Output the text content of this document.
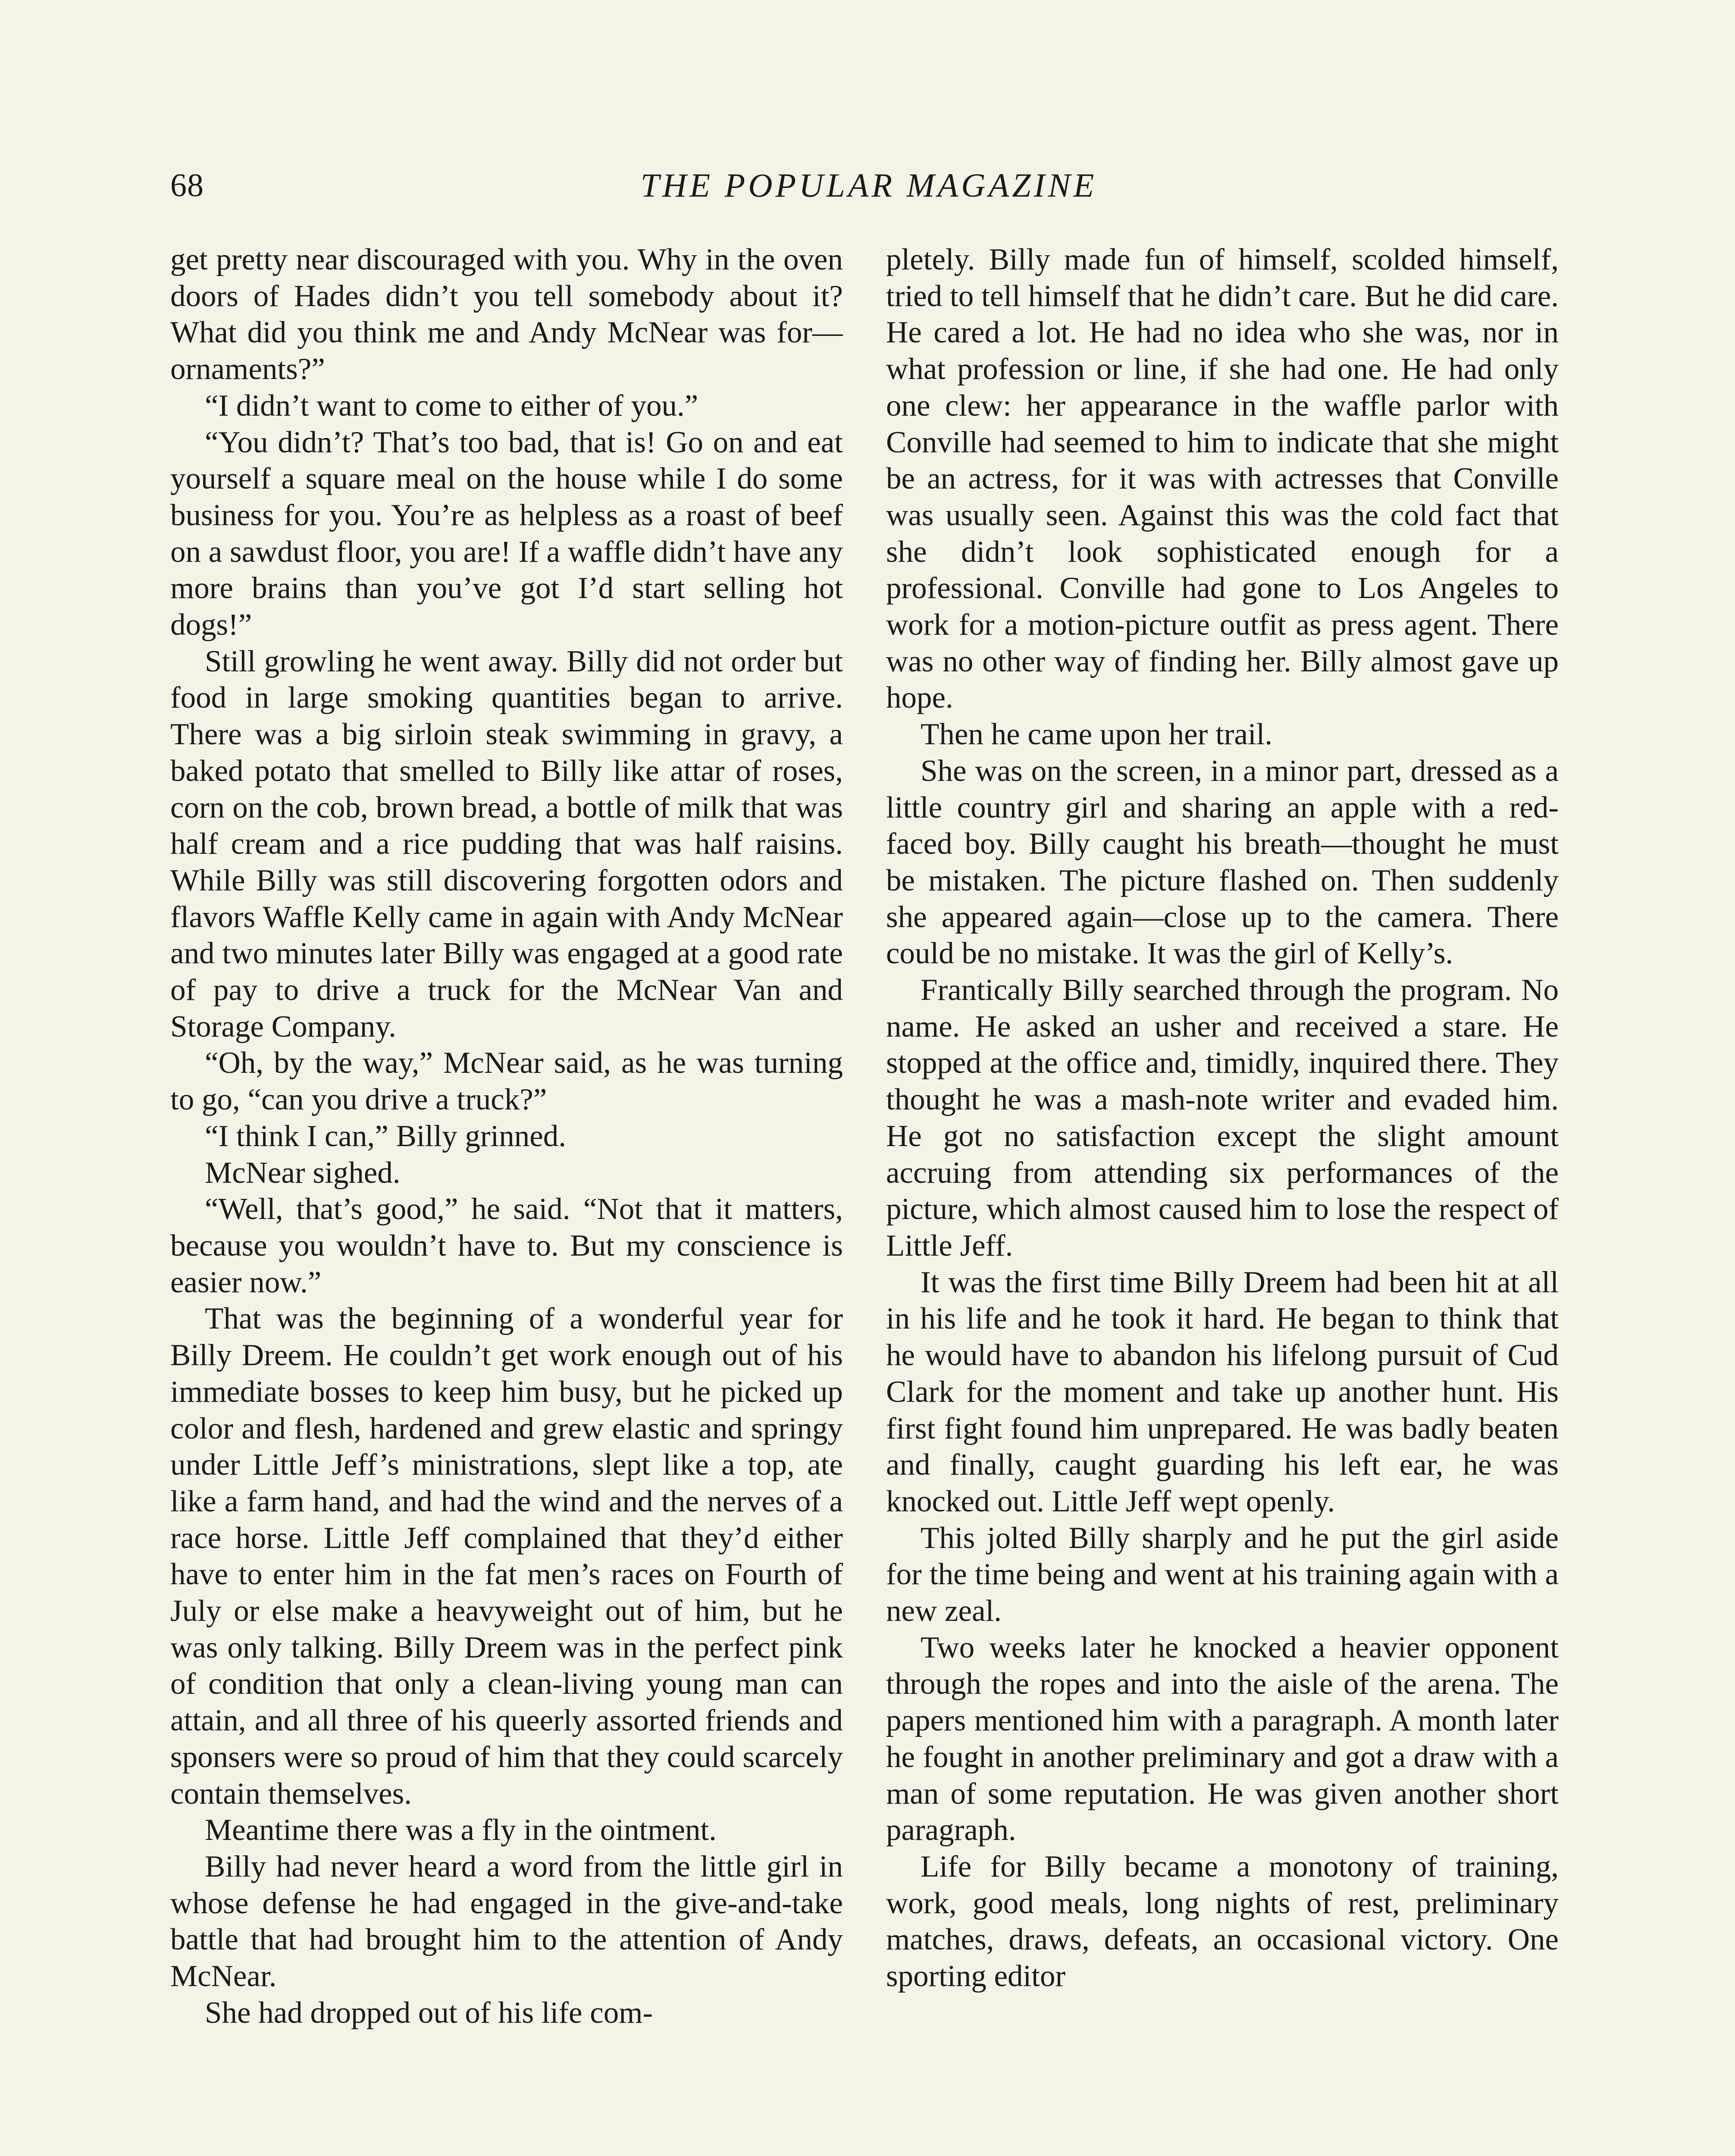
68	THE POPULAR MAGAZINE

get pretty near discouraged with you. Why in the oven doors of Hades didn’t you tell somebody about it? What did you think me and Andy McNear was for—ornaments?”

“I didn’t want to come to either of you.”

“You didn’t? That’s too bad, that is! Go on and eat yourself a square meal on the house while I do some business for you. You’re as helpless as a roast of beef on a sawdust floor, you are! If a waffle didn’t have any more brains than you’ve got I’d start selling hot dogs!”

Still growling he went away. Billy did not order but food in large smoking quantities began to arrive. There was a big sirloin steak swimming in gravy, a baked potato that smelled to Billy like attar of roses, corn on the cob, brown bread, a bottle of milk that was half cream and a rice pudding that was half raisins. While Billy was still discovering forgotten odors and flavors Waffle Kelly came in again with Andy McNear and two minutes later Billy was engaged at a good rate of pay to drive a truck for the McNear Van and Storage Company.

“Oh, by the way,” McNear said, as he was turning to go, “can you drive a truck?”

“I think I can,” Billy grinned.

McNear sighed.

“Well, that’s good,” he said. “Not that it matters, because you wouldn’t have to. But my conscience is easier now.”

That was the beginning of a wonderful year for Billy Dreem. He couldn’t get work enough out of his immediate bosses to keep him busy, but he picked up color and flesh, hardened and grew elastic and springy under Little Jeff’s ministrations, slept like a top, ate like a farm hand, and had the wind and the nerves of a race horse. Little Jeff complained that they’d either have to enter him in the fat men’s races on Fourth of July or else make a heavyweight out of him, but he was only talking. Billy Dreem was in the perfect pink of condition that only a clean-living young man can attain, and all three of his queerly assorted friends and sponsers were so proud of him that they could scarcely contain themselves.

Meantime there was a fly in the ointment.

Billy had never heard a word from the little girl in whose defense he had engaged in the give-and-take battle that had brought him to the attention of Andy McNear.

She had dropped out of his life com-

pletely. Billy made fun of himself, scolded himself, tried to tell himself that he didn’t care. But he did care. He cared a lot. He had no idea who she was, nor in what profession or line, if she had one. He had only one clew: her appearance in the waffle parlor with Conville had seemed to him to indicate that she might be an actress, for it was with actresses that Conville was usually seen. Against this was the cold fact that she didn’t look sophisticated enough for a professional. Conville had gone to Los Angeles to work for a motion-picture outfit as press agent. There was no other way of finding her. Billy almost gave up hope.

Then he came upon her trail.

She was on the screen, in a minor part, dressed as a little country girl and sharing an apple with a red-faced boy. Billy caught his breath—thought he must be mistaken. The picture flashed on. Then suddenly she appeared again—close up to the camera. There could be no mistake. It was the girl of Kelly’s.

Frantically Billy searched through the program. No name. He asked an usher and received a stare. He stopped at the office and, timidly, inquired there. They thought he was a mash-note writer and evaded him. He got no satisfaction except the slight amount accruing from attending six performances of the picture, which almost caused him to lose the respect of Little Jeff.

It was the first time Billy Dreem had been hit at all in his life and he took it hard. He began to think that he would have to abandon his lifelong pursuit of Cud Clark for the moment and take up another hunt. His first fight found him unprepared. He was badly beaten and finally, caught guarding his left ear, he was knocked out. Little Jeff wept openly.

This jolted Billy sharply and he put the girl aside for the time being and went at his training again with a new zeal.

Two weeks later he knocked a heavier opponent through the ropes and into the aisle of the arena. The papers mentioned him with a paragraph. A month later he fought in another preliminary and got a draw with a man of some reputation. He was given another short paragraph.

Life for Billy became a monotony of training, work, good meals, long nights of rest, preliminary matches, draws, defeats, an occasional victory. One sporting editor
